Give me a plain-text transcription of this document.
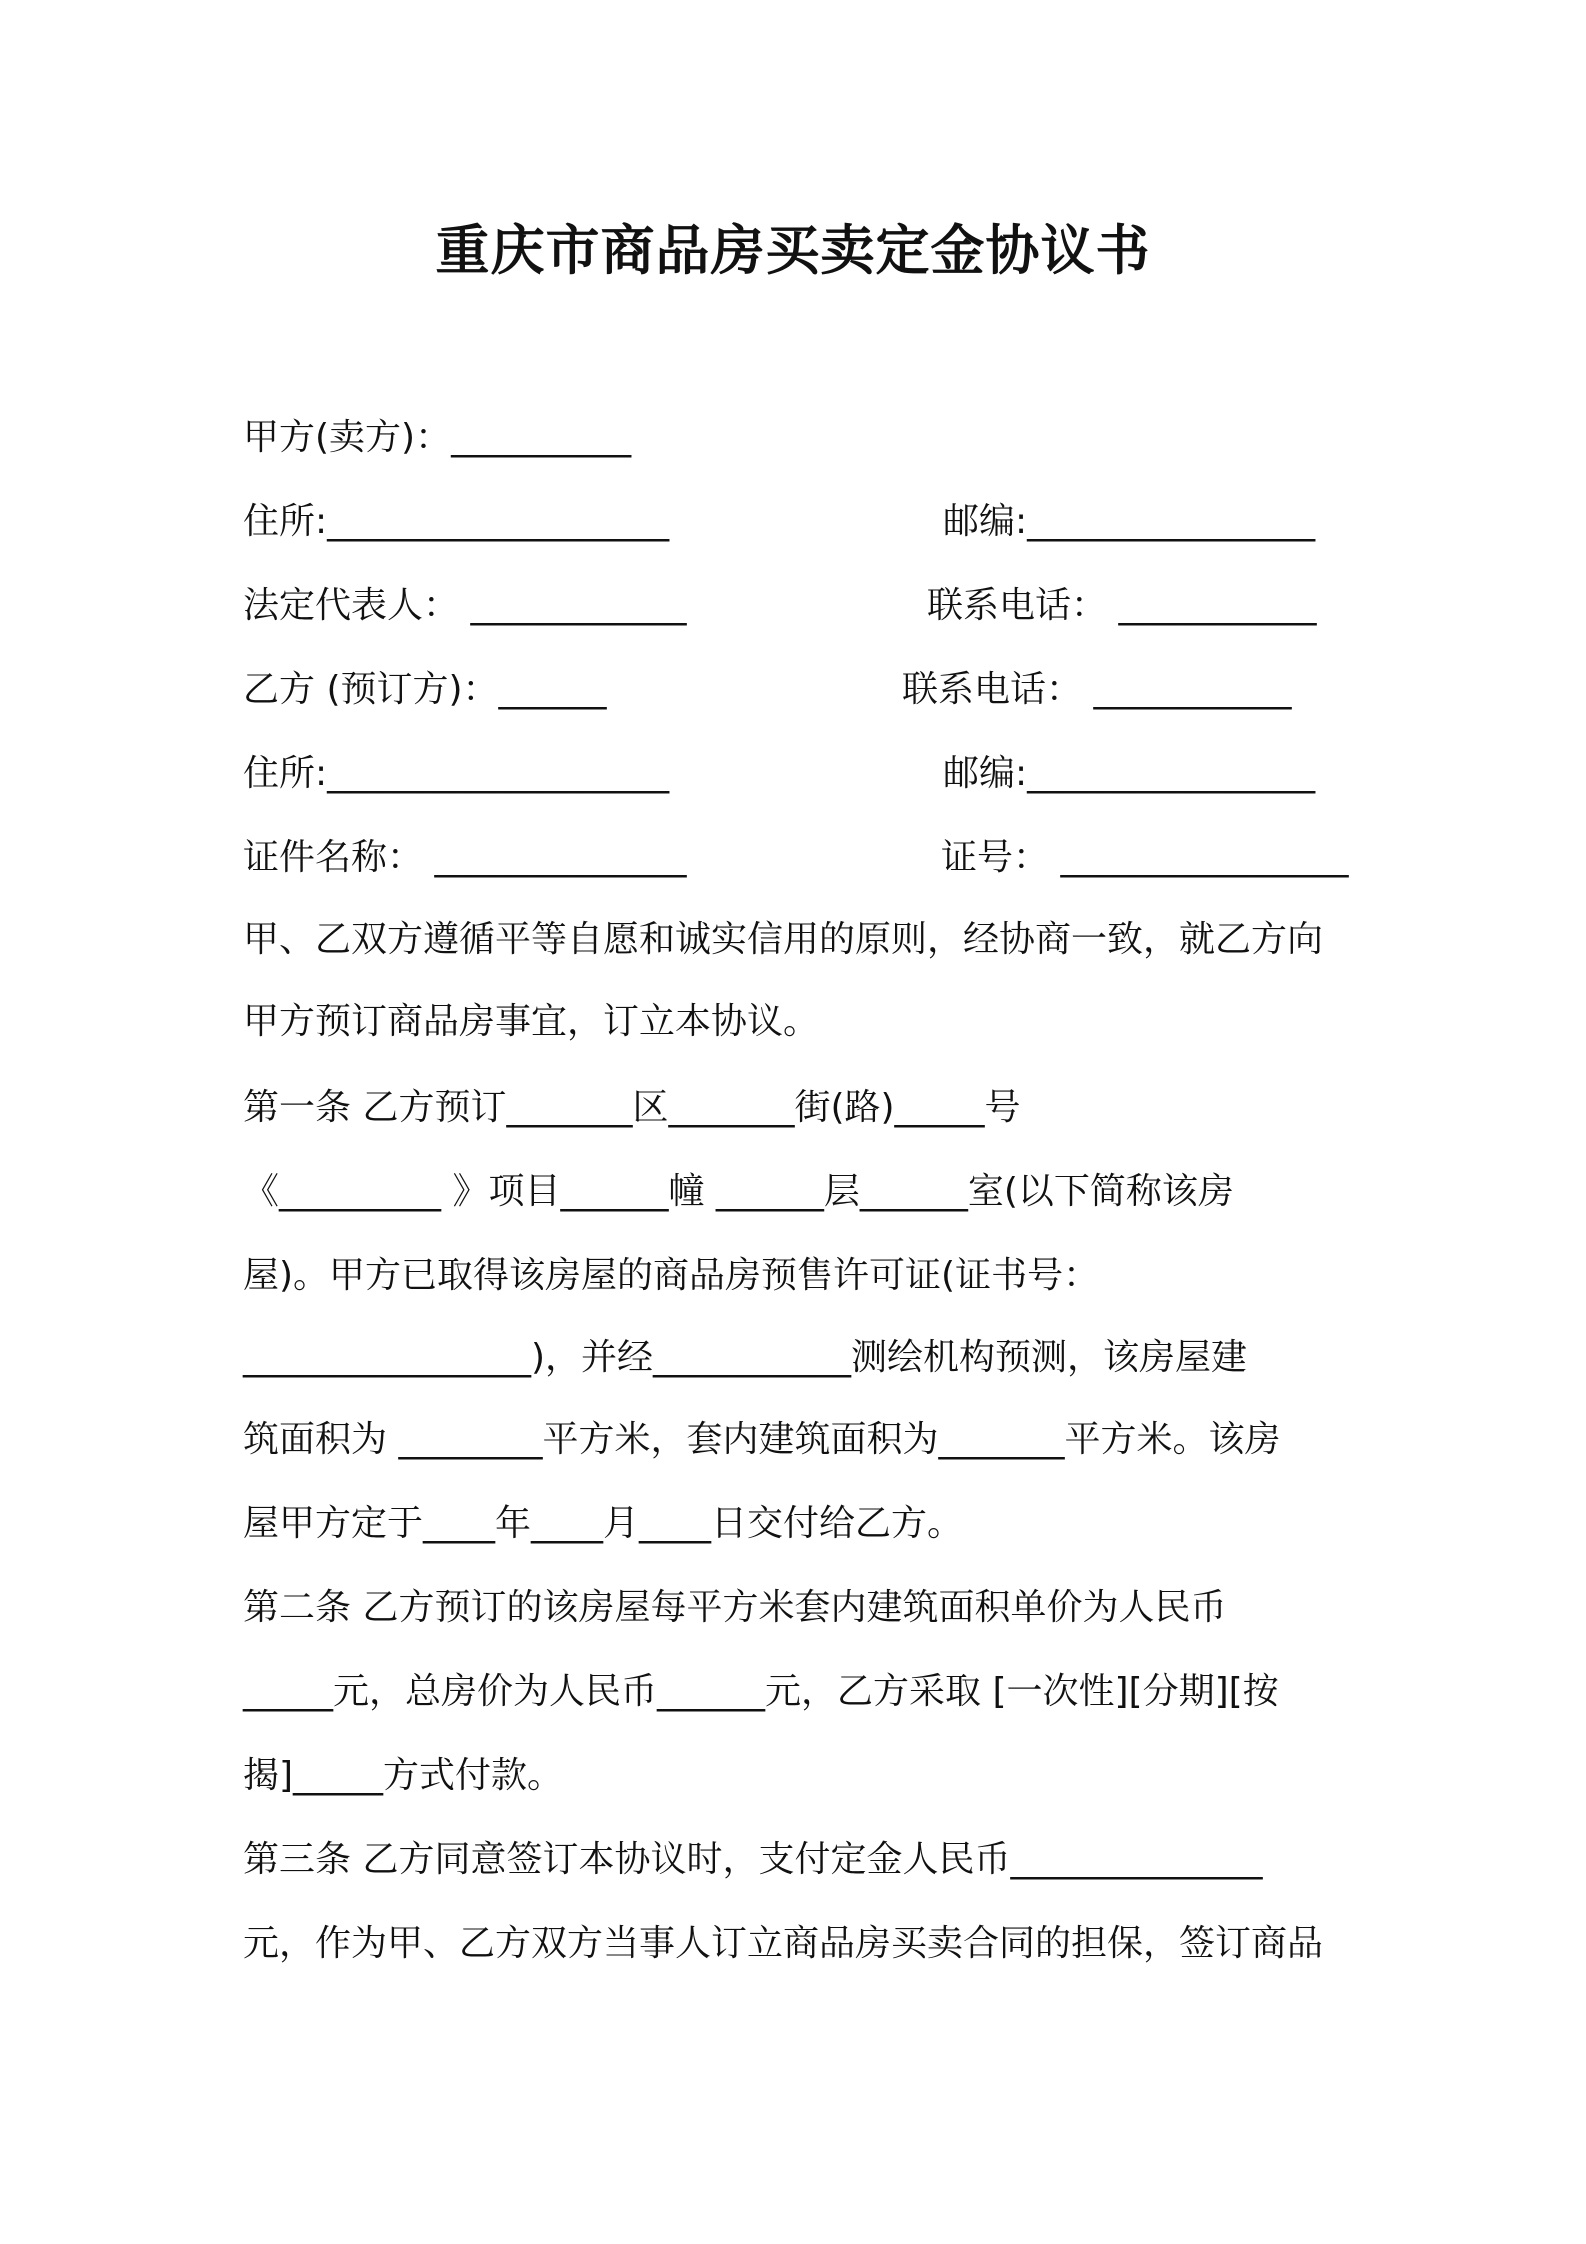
重庆市商品房买卖定金协议书
甲方(卖方)：__________
住所:___________________	邮编:________________
法定代表人： ____________	联系电话： ___________
乙方 (预订方)：______	联系电话： ___________
住所:___________________	邮编:________________
证件名称： ______________	证号： ________________
甲、乙双方遵循平等自愿和诚实信用的原则，经协商一致，就乙方向
甲方预订商品房事宜，订立本协议。
第一条 乙方预订_______区_______街(路)_____号
《_________ 》项目______幢 ______层______室(以下简称该房
屋)。甲方已取得该房屋的商品房预售许可证(证书号：
________________)，并经___________测绘机构预测，该房屋建
筑面积为 ________平方米，套内建筑面积为_______平方米。该房
屋甲方定于____年____月____日交付给乙方。
第二条 乙方预订的该房屋每平方米套内建筑面积单价为人民币
_____元，总房价为人民币______元，乙方采取 [一次性][分期][按
揭]_____方式付款。
第三条 乙方同意签订本协议时，支付定金人民币______________
元，作为甲、乙方双方当事人订立商品房买卖合同的担保，签订商品
